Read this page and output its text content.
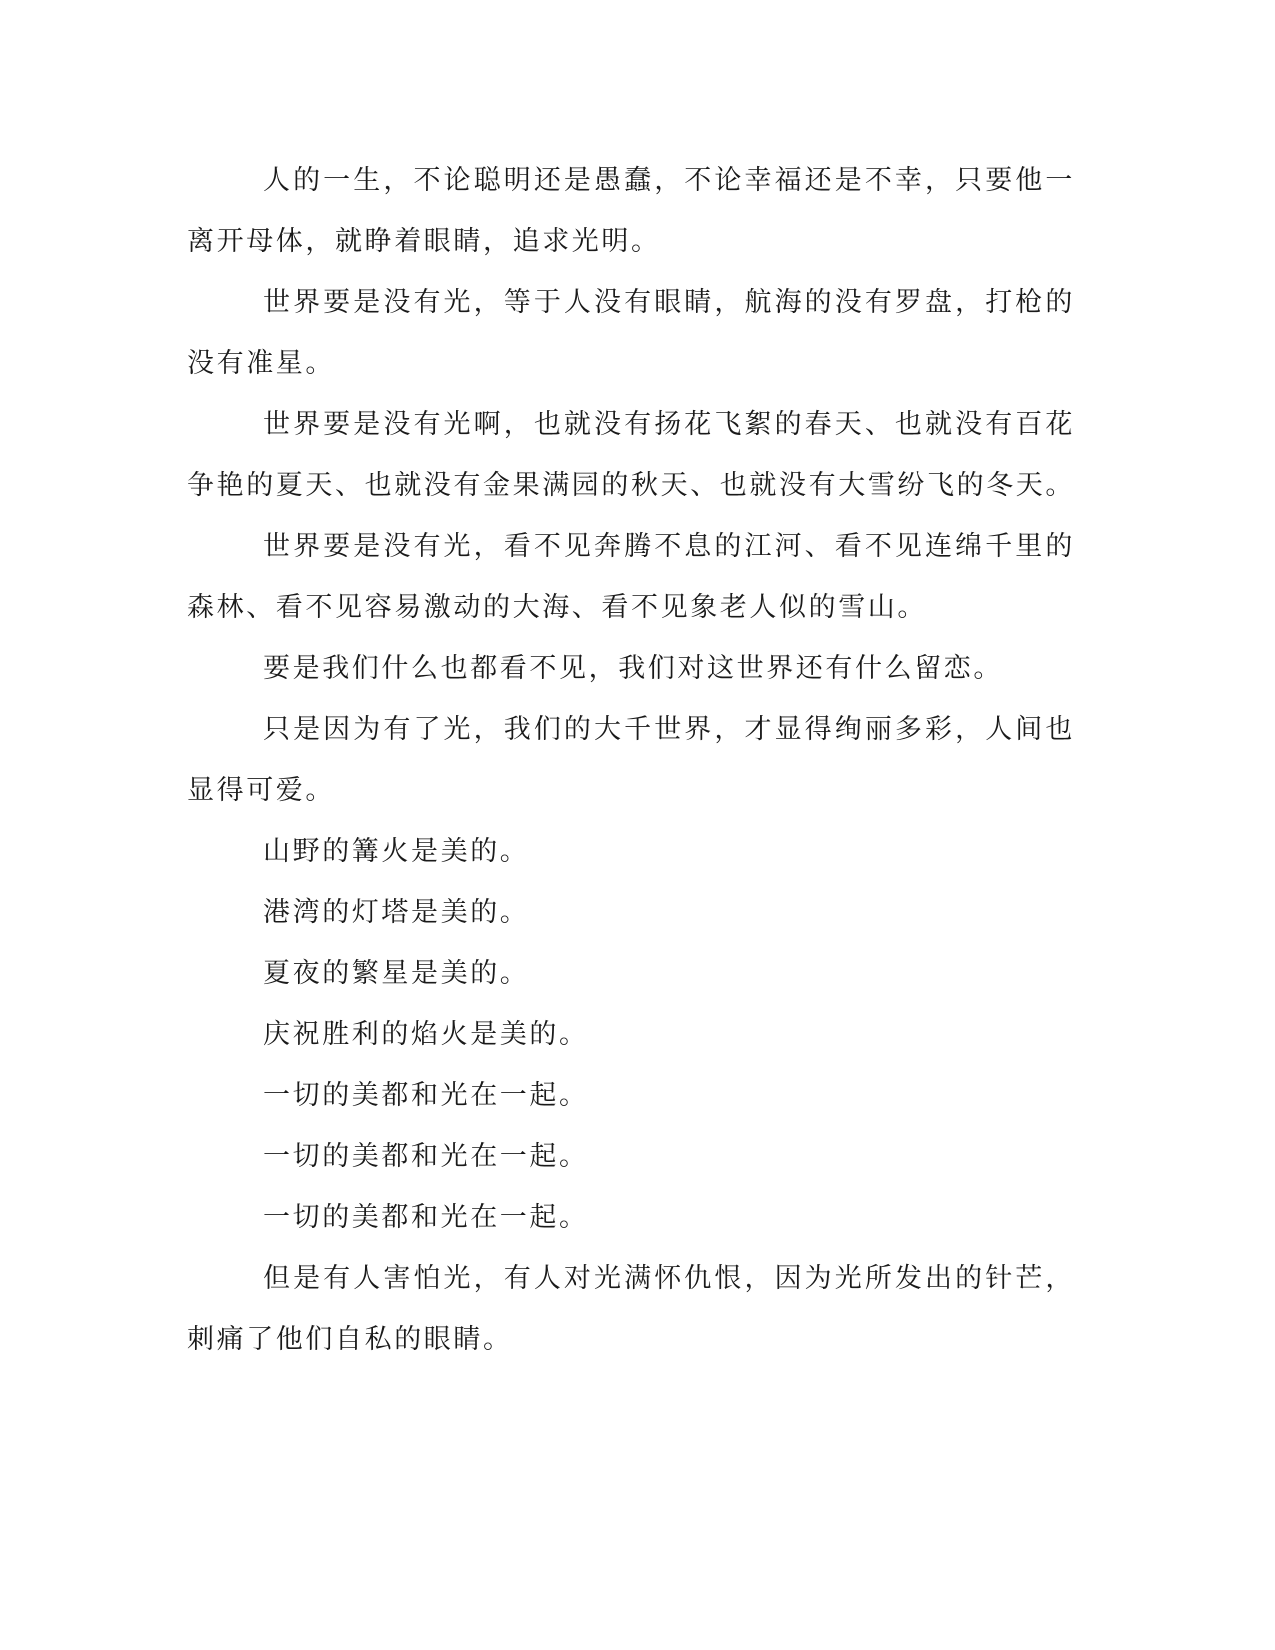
人的一生，不论聪明还是愚蠢，不论幸福还是不幸，只要他一离开母体，就睁着眼睛，追求光明。

世界要是没有光，等于人没有眼睛，航海的没有罗盘，打枪的没有准星。

世界要是没有光啊，也就没有扬花飞絮的春天、也就没有百花争艳的夏天、也就没有金果满园的秋天、也就没有大雪纷飞的冬天。

世界要是没有光，看不见奔腾不息的江河、看不见连绵千里的森林、看不见容易激动的大海、看不见象老人似的雪山。

要是我们什么也都看不见，我们对这世界还有什么留恋。

只是因为有了光，我们的大千世界，才显得绚丽多彩，人间也显得可爱。

山野的篝火是美的。

港湾的灯塔是美的。

夏夜的繁星是美的。

庆祝胜利的焰火是美的。

一切的美都和光在一起。

一切的美都和光在一起。

一切的美都和光在一起。

但是有人害怕光，有人对光满怀仇恨，因为光所发出的针芒，刺痛了他们自私的眼睛。
